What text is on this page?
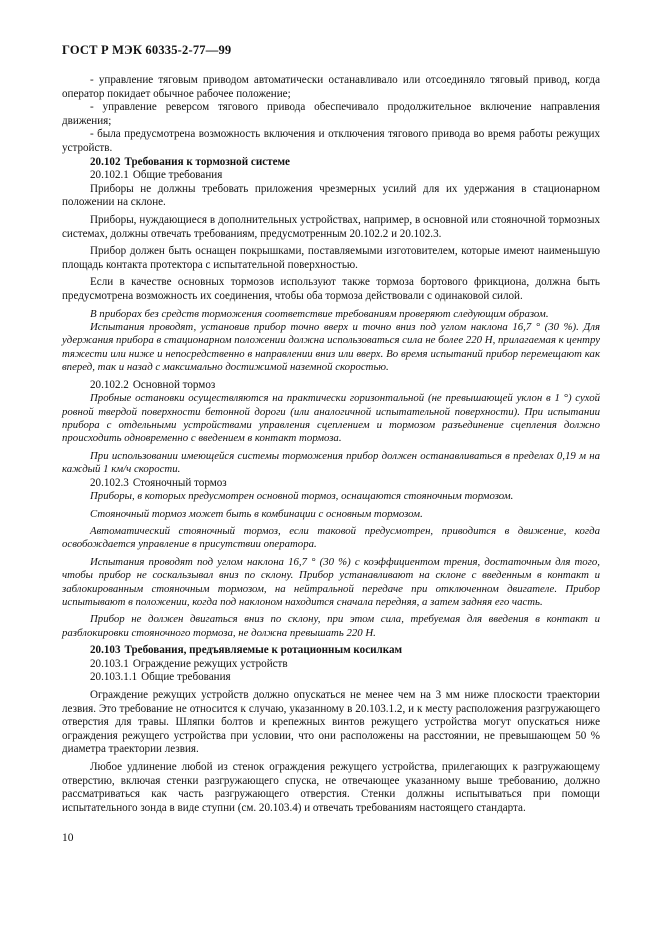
ГОСТ Р МЭК 60335-2-77—99

- управление тяговым приводом автоматически останавливало или отсоединяло тяговый привод, когда оператор покидает обычное рабочее положение;

- управление реверсом тягового привода обеспечивало продолжительное включение направления движения;

- была предусмотрена возможность включения и отключения тягового привода во время работы режущих устройств.

20.102 Требования к тормозной системе

20.102.1 Общие требования

Приборы не должны требовать приложения чрезмерных усилий для их удержания в стационарном положении на склоне.

Приборы, нуждающиеся в дополнительных устройствах, например, в основной или стояночной тормозных системах, должны отвечать требованиям, предусмотренным 20.102.2 и 20.102.3.

Прибор должен быть оснащен покрышками, поставляемыми изготовителем, которые имеют наименьшую площадь контакта протектора с испытательной поверхностью.

Если в качестве основных тормозов используют также тормоза бортового фрикциона, должна быть предусмотрена возможность их соединения, чтобы оба тормоза действовали с одинаковой силой.

В приборах без средств торможения соответствие требованиям проверяют следующим образом.

Испытания проводят, установив прибор точно вверх и точно вниз под углом наклона 16,7 ° (30 %). Для удержания прибора в стационарном положении должна использоваться сила не более 220 Н, прилагаемая к центру тяжести или ниже и непосредственно в направлении вниз или вверх. Во время испытаний прибор перемещают как вперед, так и назад с максимально достижимой наземной скоростью.

20.102.2 Основной тормоз

Пробные остановки осуществляются на практически горизонтальной (не превышающей уклон в 1 °) сухой ровной твердой поверхности бетонной дороги (или аналогичной испытательной поверхности). При испытании прибора с отдельными устройствами управления сцеплением и тормозом разъединение сцепления должно происходить одновременно с введением в контакт тормоза.

При использовании имеющейся системы торможения прибор должен останавливаться в пределах 0,19 м на каждый 1 км/ч скорости.

20.102.3 Стояночный тормоз

Приборы, в которых предусмотрен основной тормоз, оснащаются стояночным тормозом.

Стояночный тормоз может быть в комбинации с основным тормозом.

Автоматический стояночный тормоз, если таковой предусмотрен, приводится в движение, когда освобождается управление в присутствии оператора.

Испытания проводят под углом наклона 16,7 ° (30 %) с коэффициентом трения, достаточным для того, чтобы прибор не соскальзывал вниз по склону. Прибор устанавливают на склоне с введенным в контакт и заблокированным стояночным тормозом, на нейтральной передаче при отключенном двигателе. Прибор испытывают в положении, когда под наклоном находится сначала передняя, а затем задняя его часть.

Прибор не должен двигаться вниз по склону, при этом сила, требуемая для введения в контакт и разблокировки стояночного тормоза, не должна превышать 220 Н.

20.103 Требования, предъявляемые к ротационным косилкам

20.103.1 Ограждение режущих устройств

20.103.1.1 Общие требования

Ограждение режущих устройств должно опускаться не менее чем на 3 мм ниже плоскости траектории лезвия. Это требование не относится к случаю, указанному в 20.103.1.2, и к месту расположения разгружающего отверстия для травы. Шляпки болтов и крепежных винтов режущего устройства могут опускаться ниже ограждения режущего устройства при условии, что они расположены на расстоянии, не превышающем 50 % диаметра траектории лезвия.

Любое удлинение любой из стенок ограждения режущего устройства, прилегающих к разгружающему отверстию, включая стенки разгружающего спуска, не отвечающее указанному выше требованию, должно рассматриваться как часть разгружающего отверстия. Стенки должны испытываться при помощи испытательного зонда в виде ступни (см. 20.103.4) и отвечать требованиям настоящего стандарта.

10
